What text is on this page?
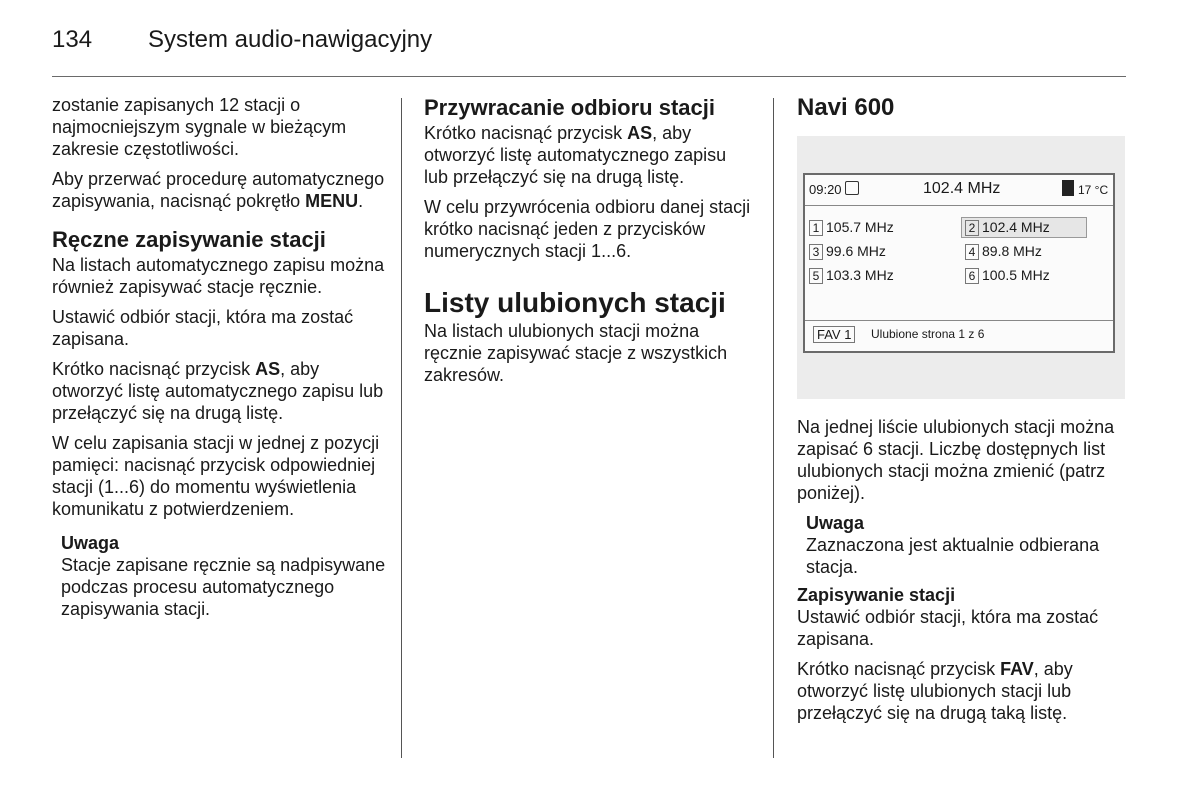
134 System audio-nawigacyjny

zostanie zapisanych 12 stacji o najmocniejszym sygnale w bieżącym zakresie częstotliwości.

Aby przerwać procedurę automatycznego zapisywania, nacisnąć pokrętło MENU.

Ręczne zapisywanie stacji

Na listach automatycznego zapisu można również zapisywać stacje ręcznie.

Ustawić odbiór stacji, która ma zostać zapisana.

Krótko nacisnąć przycisk AS, aby otworzyć listę automatycznego zapisu lub przełączyć się na drugą listę.

W celu zapisania stacji w jednej z pozycji pamięci: nacisnąć przycisk odpowiedniej stacji (1...6) do momentu wyświetlenia komunikatu z potwierdzeniem.

Uwaga
Stacje zapisane ręcznie są nadpisywane podczas procesu automatycznego zapisywania stacji.
Przywracanie odbioru stacji

Krótko nacisnąć przycisk AS, aby otworzyć listę automatycznego zapisu lub przełączyć się na drugą listę.

W celu przywrócenia odbioru danej stacji krótko nacisnąć jeden z przycisków numerycznych stacji 1...6.

Listy ulubionych stacji

Na listach ulubionych stacji można ręcznie zapisywać stacje z wszystkich zakresów.

Navi 600
09:20	102.4 MHz	17 °C
1 105.7 MHz	2 102.4 MHz
3 99.6 MHz	4 89.8 MHz
5 103.3 MHz	6 100.5 MHz
FAV 1	Ulubione strona 1 z 6

Na jednej liście ulubionych stacji można zapisać 6 stacji. Liczbę dostępnych list ulubionych stacji można zmienić (patrz poniżej).

Uwaga
Zaznaczona jest aktualnie odbierana stacja.
Zapisywanie stacji

Ustawić odbiór stacji, która ma zostać zapisana.

Krótko nacisnąć przycisk FAV, aby otworzyć listę ulubionych stacji lub przełączyć się na drugą taką listę.
